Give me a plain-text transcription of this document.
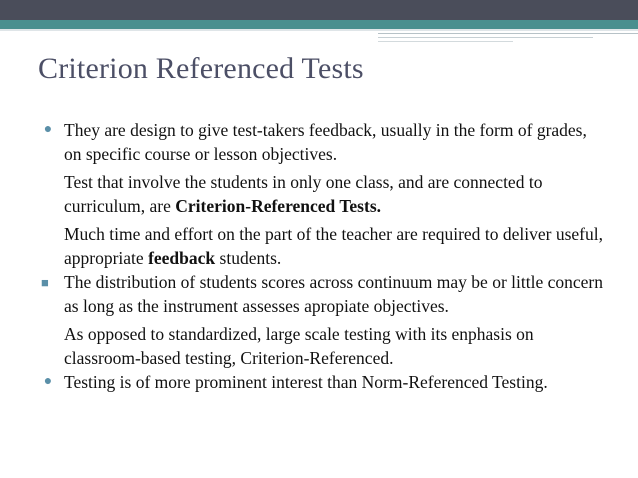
Criterion Referenced Tests
● They are design to give test-takers feedback, usually in the form of grades, on specific course or lesson objectives.
Test that involve the students in only one class, and are connected to curriculum, are Criterion-Referenced Tests.
Much time and effort on the part of the teacher are required to deliver useful, appropriate feedback students.
■ The distribution of students scores across continuum may be or little concern as long as the instrument assesses apropiate objectives.
As opposed to standardized, large scale testing with its enphasis on classroom-based testing, Criterion-Referenced.
● Testing is of more prominent interest than Norm-Referenced Testing.
